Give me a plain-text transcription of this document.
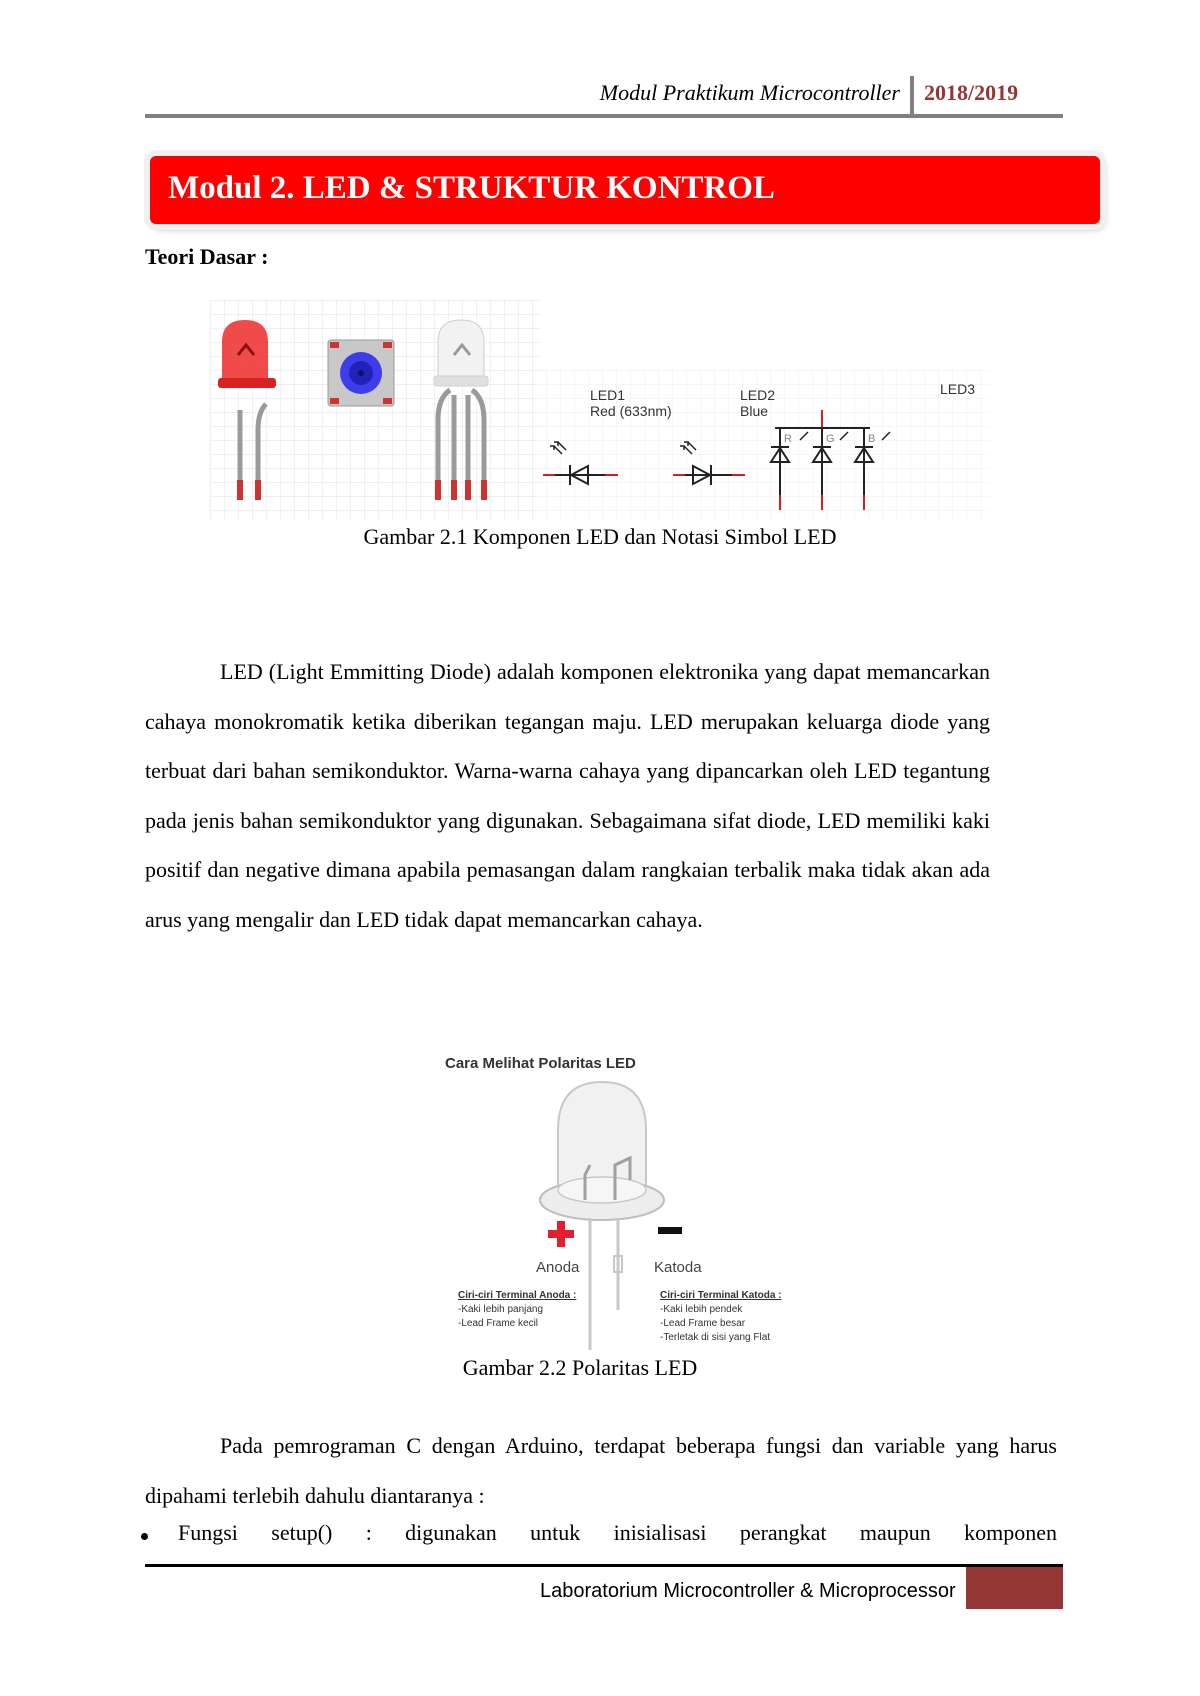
Modul Praktikum Microcontroller 2018/2019
Modul 2. LED & STRUKTUR KONTROL
Teori Dasar :
LED1
Red (633nm)
LED2
Blue
LED3
R	G	B
Gambar 2.1 Komponen LED dan Notasi Simbol LED

LED (Light Emmitting Diode) adalah komponen elektronika yang dapat memancarkan cahaya monokromatik ketika diberikan tegangan maju. LED merupakan keluarga diode yang terbuat dari bahan semikonduktor. Warna-warna cahaya yang dipancarkan oleh LED tegantung pada jenis bahan semikonduktor yang digunakan. Sebagaimana sifat diode, LED memiliki kaki positif dan negative dimana apabila pemasangan dalam rangkaian terbalik maka tidak akan ada arus yang mengalir dan LED tidak dapat memancarkan cahaya.

Cara Melihat Polaritas LED
Anoda	Katoda
Ciri-ciri Terminal Anoda :
-Kaki lebih panjang
-Lead Frame kecil
Ciri-ciri Terminal Katoda :
-Kaki lebih pendek
-Lead Frame besar
-Terletak di sisi yang Flat
Gambar 2.2 Polaritas LED

Pada pemrograman C dengan Arduino, terdapat beberapa fungsi dan variable yang harus dipahami terlebih dahulu diantaranya :

Fungsi setup() : digunakan untuk inisialisasi perangkat maupun komponen
Laboratorium Microcontroller & Microprocessor
